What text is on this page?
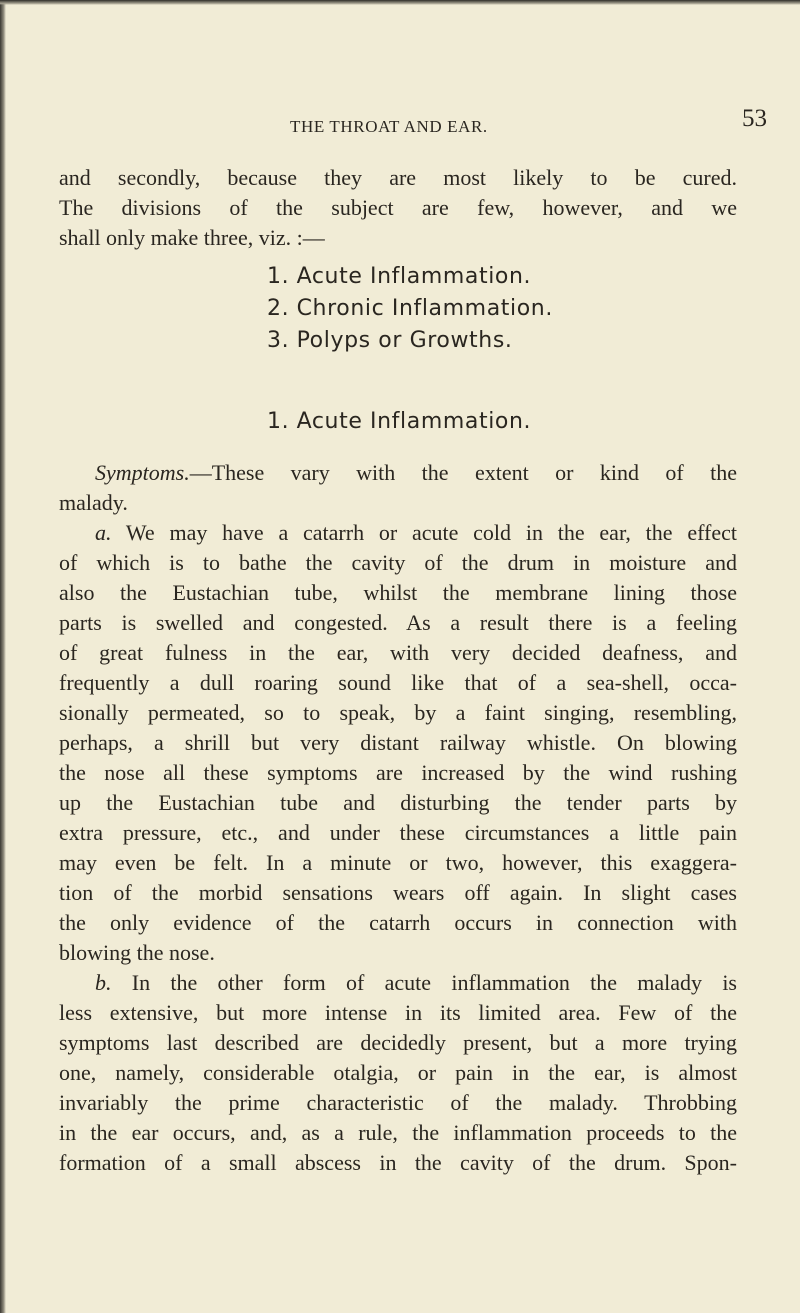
THE THROAT AND EAR.	53
and secondly, because they are most likely to be cured.
The divisions of the subject are few, however, and we
shall only make three, viz. :—
1. Acute Inflammation.
2. Chronic Inflammation.
3. Polyps or Growths.
1. Acute Inflammation.
Symptoms.—These vary with the extent or kind of the
malady.
a. We may have a catarrh or acute cold in the ear, the effect
of which is to bathe the cavity of the drum in moisture and
also the Eustachian tube, whilst the membrane lining those
parts is swelled and congested. As a result there is a feeling
of great fulness in the ear, with very decided deafness, and
frequently a dull roaring sound like that of a sea-shell, occa-
sionally permeated, so to speak, by a faint singing, resembling,
perhaps, a shrill but very distant railway whistle. On blowing
the nose all these symptoms are increased by the wind rushing
up the Eustachian tube and disturbing the tender parts by
extra pressure, etc., and under these circumstances a little pain
may even be felt. In a minute or two, however, this exaggera-
tion of the morbid sensations wears off again. In slight cases
the only evidence of the catarrh occurs in connection with
blowing the nose.
b. In the other form of acute inflammation the malady is
less extensive, but more intense in its limited area. Few of the
symptoms last described are decidedly present, but a more trying
one, namely, considerable otalgia, or pain in the ear, is almost
invariably the prime characteristic of the malady. Throbbing
in the ear occurs, and, as a rule, the inflammation proceeds to the
formation of a small abscess in the cavity of the drum. Spon-
